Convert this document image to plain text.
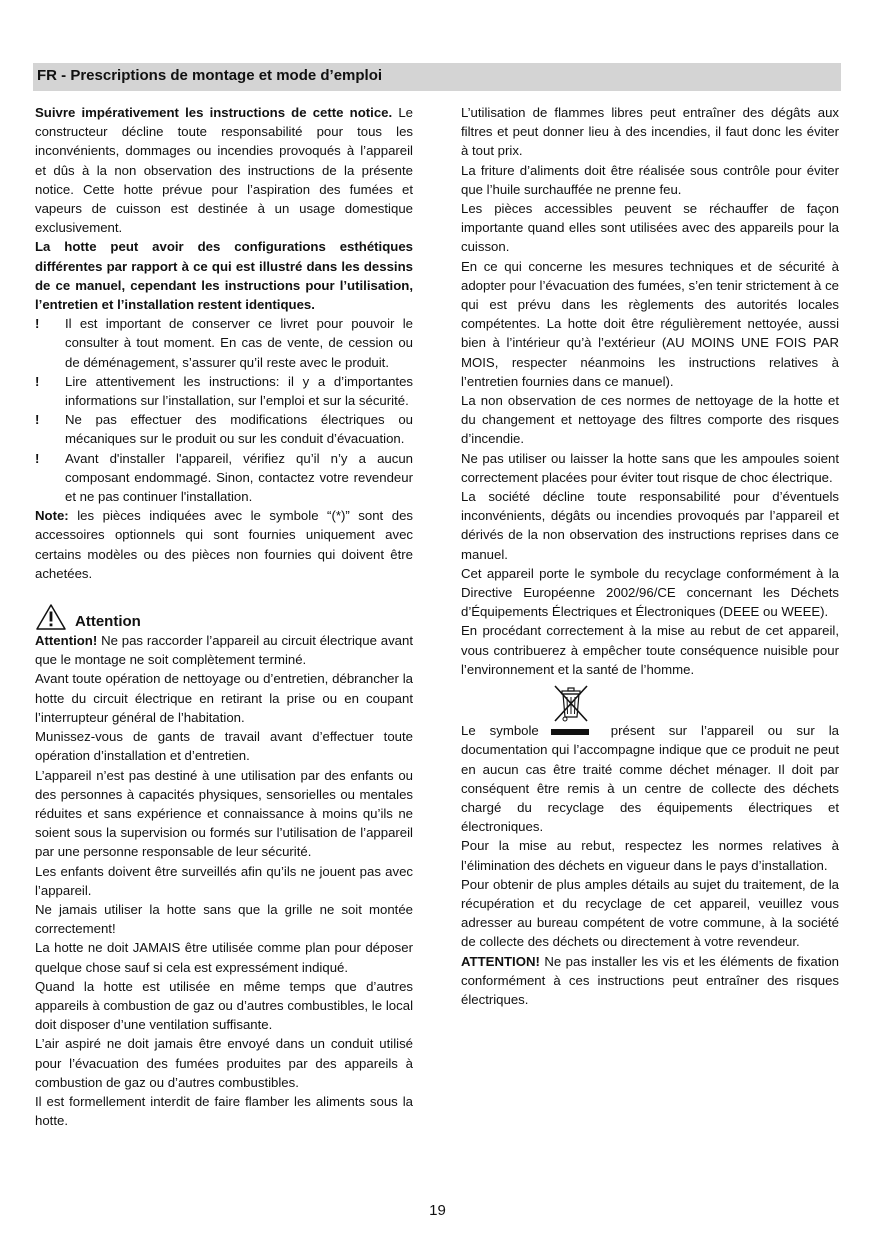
FR - Prescriptions de montage et mode d’emploi

Suivre impérativement les instructions de cette notice. Le constructeur décline toute responsabilité pour tous les inconvénients, dommages ou incendies provoqués à l’appareil et dûs à la non observation des instructions de la présente notice. Cette hotte prévue pour l’aspiration des fumées et vapeurs de cuisson est destinée à un usage domestique exclusivement.

La hotte peut avoir des configurations esthétiques différentes par rapport à ce qui est illustré dans les dessins de ce manuel, cependant les instructions pour l’utilisation, l’entretien et l’installation restent identiques.

! Il est important de conserver ce livret pour pouvoir le consulter à tout moment. En cas de vente, de cession ou de déménagement, s’assurer qu’il reste avec le produit.

! Lire attentivement les instructions: il y a d’importantes informations sur l’installation, sur l’emploi et sur la sécurité.

! Ne pas effectuer des modifications électriques ou mécaniques sur le produit ou sur les conduit d’évacuation.

! Avant d'installer l'appareil, vérifiez qu’il n’y a aucun composant endommagé. Sinon, contactez votre revendeur et ne pas continuer l'installation.

Note: les pièces indiquées avec le symbole “(*)” sont des accessoires optionnels qui sont fournies uniquement avec certains modèles ou des pièces non fournies qui doivent être achetées.

Attention

Attention! Ne pas raccorder l’appareil au circuit électrique avant que le montage ne soit complètement terminé.

Avant toute opération de nettoyage ou d’entretien, débrancher la hotte du circuit électrique en retirant la prise ou en coupant l’interrupteur général de l’habitation.

Munissez-vous de gants de travail avant d’effectuer toute opération d’installation et d’entretien.

L’appareil n’est pas destiné à une utilisation par des enfants ou des personnes à capacités physiques, sensorielles ou mentales réduites et sans expérience et connaissance à moins qu’ils ne soient sous la supervision ou formés sur l’utilisation de l’appareil par une personne responsable de leur sécurité.

Les enfants doivent être surveillés afin qu’ils ne jouent pas avec l’appareil.

Ne jamais utiliser la hotte sans que la grille ne soit montée correctement!

La hotte ne doit JAMAIS être utilisée comme plan pour déposer quelque chose sauf si cela est expressément indiqué.

Quand la hotte est utilisée en même temps que d’autres appareils à combustion de gaz ou d’autres combustibles, le local doit disposer d’une ventilation suffisante.

L’air aspiré ne doit jamais être envoyé dans un conduit utilisé pour l’évacuation des fumées produites par des appareils à combustion de gaz ou d’autres combustibles.

Il est formellement interdit de faire flamber les aliments sous la hotte.

L’utilisation de flammes libres peut entraîner des dégâts aux filtres et peut donner lieu à des incendies, il faut donc les éviter à tout prix.

La friture d’aliments doit être réalisée sous contrôle pour éviter que l’huile surchauffée ne prenne feu.

Les pièces accessibles peuvent se réchauffer de façon importante quand elles sont utilisées avec des appareils pour la cuisson.

En ce qui concerne les mesures techniques et de sécurité à adopter pour l’évacuation des fumées, s’en tenir strictement à ce qui est prévu dans les règlements des autorités locales compétentes. La hotte doit être régulièrement nettoyée, aussi bien à l’intérieur qu’à l’extérieur (AU MOINS UNE FOIS PAR MOIS, respecter néanmoins les instructions relatives à l’entretien fournies dans ce manuel).

La non observation de ces normes de nettoyage de la hotte et du changement et nettoyage des filtres comporte des risques d’incendie.

Ne pas utiliser ou laisser la hotte sans que les ampoules soient correctement placées pour éviter tout risque de choc électrique.

La société décline toute responsabilité pour d’éventuels inconvénients, dégâts ou incendies provoqués par l’appareil et dérivés de la non observation des instructions reprises dans ce manuel.

Cet appareil porte le symbole du recyclage conformément à la Directive Européenne 2002/96/CE concernant les Déchets d’Équipements Électriques et Électroniques (DEEE ou WEEE).

En procédant correctement à la mise au rebut de cet appareil, vous contribuerez à empêcher toute conséquence nuisible pour l’environnement et la santé de l’homme.

Le symbole	présent sur l’appareil ou sur la documentation qui l’accompagne indique que ce produit ne peut en aucun cas être traité comme déchet ménager. Il doit par conséquent être remis à un centre de collecte des déchets chargé du recyclage des équipements électriques et électroniques.

Pour la mise au rebut, respectez les normes relatives à l’élimination des déchets en vigueur dans le pays d’installation.

Pour obtenir de plus amples détails au sujet du traitement, de la récupération et du recyclage de cet appareil, veuillez vous adresser au bureau compétent de votre commune, à la société de collecte des déchets ou directement à votre revendeur.

ATTENTION! Ne pas installer les vis et les éléments de fixation conformément à ces instructions peut entraîner des risques électriques.

19
